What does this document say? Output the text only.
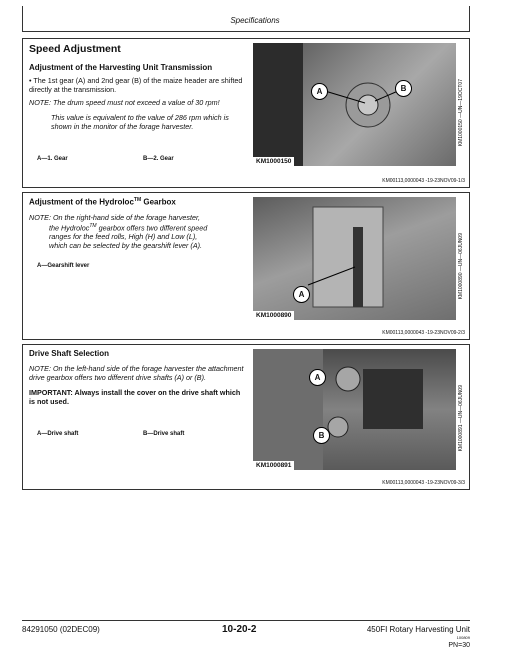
Specifications
Speed Adjustment
Adjustment of the Harvesting Unit Transmission

• The 1st gear (A) and 2nd gear (B) of the maize header are shifted directly at the transmission.

NOTE: The drum speed must not exceed a value of 30 rpm!

This value is equivalent to the value of 286 rpm which is shown in the monitor of the forage harvester.

A—1. Gear	B—2. Gear
A	B
KM1000150
KM1000150 —UN—19OCT07
KM00113,0000043 -19-23NOV09-1/3
Adjustment of the Hydroloc™ Gearbox

NOTE: On the right-hand side of the forage harvester,

the Hydroloc™ gearbox offers two different speed

ranges for the feed rolls, High (H) and Low (L),

which can be selected by the gearshift lever (A).

A—Gearshift lever
A
KM1000890
KM1000890 —UN—06JUN09
KM00113,0000043 -19-23NOV09-2/3
Drive Shaft Selection

NOTE: On the left-hand side of the forage harvester the attachment drive gearbox offers two different drive shafts (A) or (B).

IMPORTANT: Always install the cover on the drive shaft which is not used.

A—Drive shaft	B—Drive shaft
A
B
KM1000891
KM1000891 —UN—06JUN09
KM00113,0000043 -19-23NOV09-3/3
84291050 (02DEC09)	10-20-2	450FI Rotary Harvesting Unit
100809
PN=30
